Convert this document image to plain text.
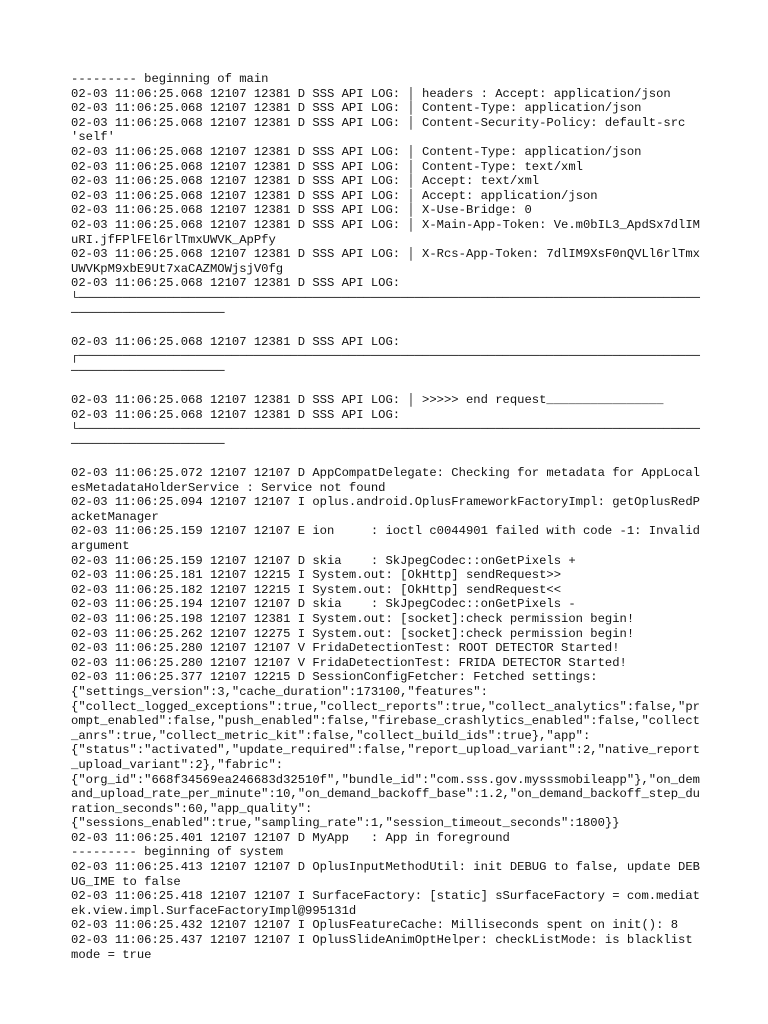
--------- beginning of main
02-03 11:06:25.068 12107 12381 D SSS API LOG: │ headers : Accept: application/json
02-03 11:06:25.068 12107 12381 D SSS API LOG: │ Content-Type: application/json
02-03 11:06:25.068 12107 12381 D SSS API LOG: │ Content-Security-Policy: default-src 'self'
02-03 11:06:25.068 12107 12381 D SSS API LOG: │ Content-Type: application/json
02-03 11:06:25.068 12107 12381 D SSS API LOG: │ Content-Type: text/xml
02-03 11:06:25.068 12107 12381 D SSS API LOG: │ Accept: text/xml
02-03 11:06:25.068 12107 12381 D SSS API LOG: │ Accept: application/json
02-03 11:06:25.068 12107 12381 D SSS API LOG: │ X-Use-Bridge: 0
02-03 11:06:25.068 12107 12381 D SSS API LOG: │ X-Main-App-Token: Ve.m0bIL3_ApdSx7dlIMuRI.jfFPlFEl6rlTmxUWVK_ApPfy
02-03 11:06:25.068 12107 12381 D SSS API LOG: │ X-Rcs-App-Token: 7dlIM9XsF0nQVLl6rlTmxUWVKpM9xbE9Ut7xaCAZMOWjsjV0fg
02-03 11:06:25.068 12107 12381 D SSS API LOG:
└──────────────────────────────────────────────────────────────────────────────────────────────────────────
02-03 11:06:25.068 12107 12381 D SSS API LOG:
┌──────────────────────────────────────────────────────────────────────────────────────────────────────────
02-03 11:06:25.068 12107 12381 D SSS API LOG: │ >>>>> end request________________
02-03 11:06:25.068 12107 12381 D SSS API LOG:
└──────────────────────────────────────────────────────────────────────────────────────────────────────────
02-03 11:06:25.072 12107 12107 D AppCompatDelegate: Checking for metadata for AppLocalesMetadataHolderService : Service not found
02-03 11:06:25.094 12107 12107 I oplus.android.OplusFrameworkFactoryImpl: getOplusRedPacketManager
02-03 11:06:25.159 12107 12107 E ion     : ioctl c0044901 failed with code -1: Invalid argument
02-03 11:06:25.159 12107 12107 D skia    : SkJpegCodec::onGetPixels +
02-03 11:06:25.181 12107 12215 I System.out: [OkHttp] sendRequest>>
02-03 11:06:25.182 12107 12215 I System.out: [OkHttp] sendRequest<<
02-03 11:06:25.194 12107 12107 D skia    : SkJpegCodec::onGetPixels -
02-03 11:06:25.198 12107 12381 I System.out: [socket]:check permission begin!
02-03 11:06:25.262 12107 12275 I System.out: [socket]:check permission begin!
02-03 11:06:25.280 12107 12107 V FridaDetectionTest: ROOT DETECTOR Started!
02-03 11:06:25.280 12107 12107 V FridaDetectionTest: FRIDA DETECTOR Started!
02-03 11:06:25.377 12107 12215 D SessionConfigFetcher: Fetched settings:
{"settings_version":3,"cache_duration":173100,"features":
{"collect_logged_exceptions":true,"collect_reports":true,"collect_analytics":false,"prompt_enabled":false,"push_enabled":false,"firebase_crashlytics_enabled":false,"collect_anrs":true,"collect_metric_kit":false,"collect_build_ids":true},"app":
{"status":"activated","update_required":false,"report_upload_variant":2,"native_report_upload_variant":2},"fabric":
{"org_id":"668f34569ea246683d32510f","bundle_id":"com.sss.gov.mysssmobileapp"},"on_demand_upload_rate_per_minute":10,"on_demand_backoff_base":1.2,"on_demand_backoff_step_duration_seconds":60,"app_quality":
{"sessions_enabled":true,"sampling_rate":1,"session_timeout_seconds":1800}}
02-03 11:06:25.401 12107 12107 D MyApp   : App in foreground
--------- beginning of system
02-03 11:06:25.413 12107 12107 D OplusInputMethodUtil: init DEBUG to false, update DEBUG_IME to false
02-03 11:06:25.418 12107 12107 I SurfaceFactory: [static] sSurfaceFactory = com.mediatek.view.impl.SurfaceFactoryImpl@995131d
02-03 11:06:25.432 12107 12107 I OplusFeatureCache: Milliseconds spent on init(): 8
02-03 11:06:25.437 12107 12107 I OplusSlideAnimOptHelper: checkListMode: is blacklist mode = true
